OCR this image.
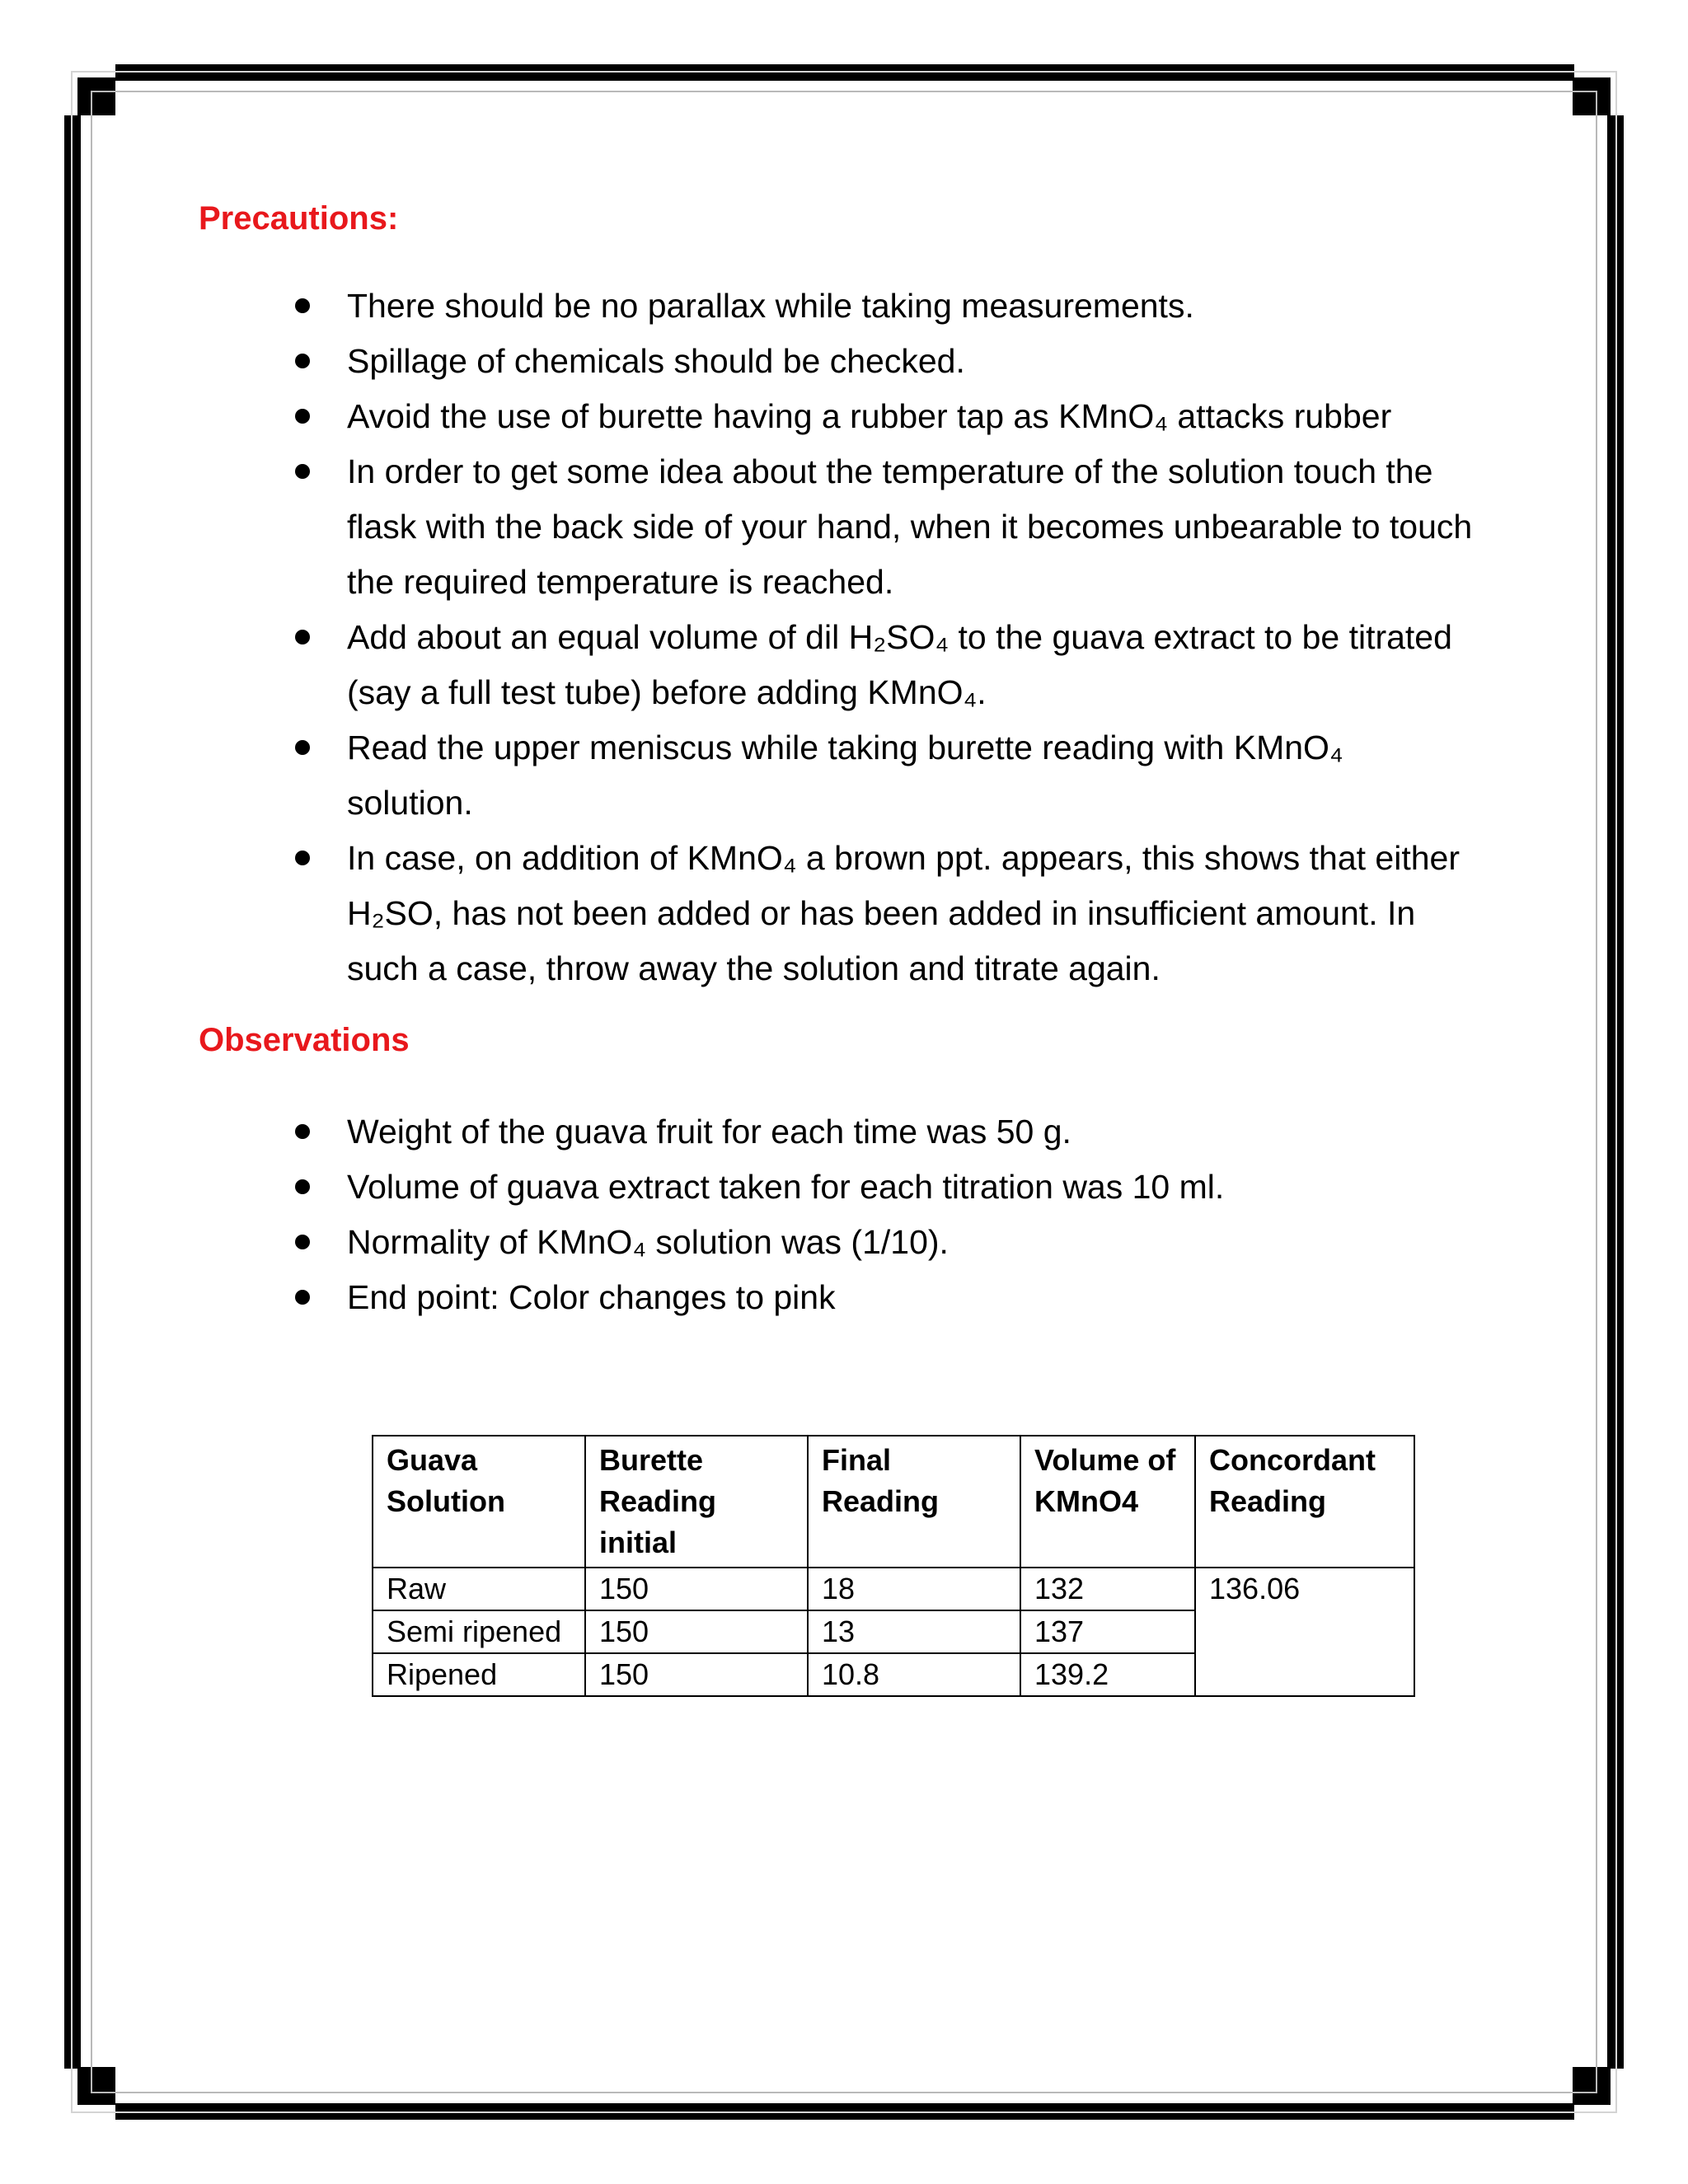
Precautions:
There should be no parallax while taking measurements.
Spillage of chemicals should be checked.
Avoid the use of burette having a rubber tap as KMnO₄ attacks rubber
In order to get some idea about the temperature of the solution touch the flask with the back side of your hand, when it becomes unbearable to touch the required temperature is reached.
Add about an equal volume of dil H₂SO₄ to the guava extract to be titrated (say a full test tube) before adding KMnO₄.
Read the upper meniscus while taking burette reading with KMnO₄ solution.
In case, on addition of KMnO₄ a brown ppt. appears, this shows that either H₂SO, has not been added or has been added in insufficient amount. In such a case, throw away the solution and titrate again.
Observations
Weight of the guava fruit for each time was 50 g.
Volume of guava extract taken for each titration was 10 ml.
Normality of KMnO₄ solution was (1/10).
End point: Color changes to pink
Guava Solution	Burette Reading initial	Final Reading	Volume of KMnO4	Concordant Reading
Raw	150	18	132	136.06
Semi ripened	150	13	137	
Ripened	150	10.8	139.2	
